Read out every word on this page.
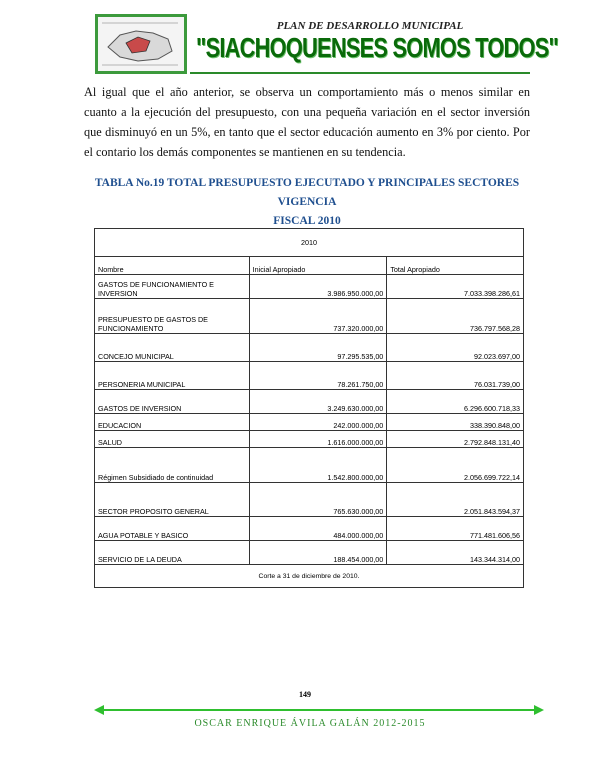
PLAN DE DESARROLLO MUNICIPAL
"SIACHOQUENSES SOMOS TODOS"
Al igual que el año anterior, se observa un comportamiento más o menos similar en cuanto a la ejecución del presupuesto, con una pequeña variación en el sector inversión que disminuyó en un 5%, en tanto que el sector educación aumento en 3% por ciento. Por el contario los demás componentes se mantienen en su tendencia.
TABLA No.19 TOTAL PRESUPUESTO EJECUTADO Y PRINCIPALES SECTORES VIGENCIA
FISCAL 2010
2010		
Nombre	Inicial Apropiado	Total Apropiado
GASTOS DE FUNCIONAMIENTO E INVERSION	3.986.950.000,00	7.033.398.286,61
PRESUPUESTO DE GASTOS DE FUNCIONAMIENTO	737.320.000,00	736.797.568,28
CONCEJO MUNICIPAL	97.295.535,00	92.023.697,00
PERSONERIA MUNICIPAL	78.261.750,00	76.031.739,00
GASTOS DE INVERSION	3.249.630.000,00	6.296.600.718,33
EDUCACION	242.000.000,00	338.390.848,00
SALUD	1.616.000.000,00	2.792.848.131,40
Régimen Subsidiado de continuidad	1.542.800.000,00	2.056.699.722,14
SECTOR PROPOSITO GENERAL	765.630.000,00	2.051.843.594,37
AGUA POTABLE Y BASICO	484.000.000,00	771.481.606,56
SERVICIO DE LA DEUDA	188.454.000,00	143.344.314,00
Corte a 31 de diciembre de 2010.		
149
OSCAR ENRIQUE ÁVILA GALÁN 2012-2015
